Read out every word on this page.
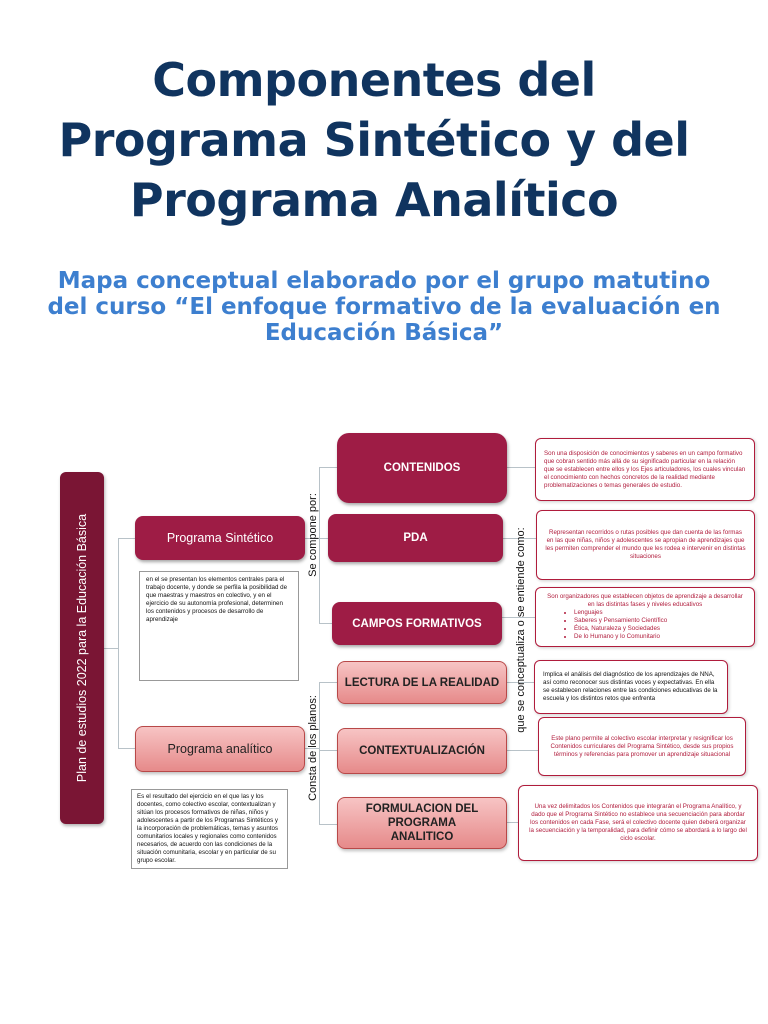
Componentes del
Programa Sintético y del
Programa Analítico
Mapa conceptual elaborado por el grupo matutino
del curso “El enfoque formativo de la evaluación en
Educación Básica”
Plan de estudios 2022 para la Educación Básica	Programa Sintético
en el se presentan los elementos centrales para el trabajo docente, y donde se perfila la posibilidad de que maestras y maestros en colectivo, y en el ejercicio de su autonomía profesional, determinen los contenidos y procesos de desarrollo de aprendizaje
Programa analítico
Es el resultado del ejercicio en el que las y los docentes, como colectivo escolar, contextualizan y sitúan los procesos formativos de niñas, niños y adolescentes a partir de los Programas Sintéticos y la incorporación de problemáticas, temas y asuntos comunitarios locales y regionales como contenidos necesarios, de acuerdo con las condiciones de la situación comunitaria, escolar y en particular de su grupo escolar.
Se compone por:
Consta de los planos:
que se conceptualiza o se entiende como:
CONTENIDOS
PDA
CAMPOS FORMATIVOS
LECTURA DE LA REALIDAD
CONTEXTUALIZACIÓN
FORMULACION DEL PROGRAMA
ANALITICO
Son una disposición de conocimientos y saberes en un campo formativo que cobran sentido más allá de su significado particular en la relación que se establecen entre ellos y los Ejes articuladores, los cuales vinculan el conocimiento con hechos concretos de la realidad mediante problematizaciones o temas generales de estudio.
Representan recorridos o rutas posibles que dan cuenta de las formas en las que niñas, niños y adolescentes se apropian de aprendizajes que les permiten comprender el mundo que les rodea e intervenir en distintas situaciones
Son organizadores que establecen objetos de aprendizaje a desarrollar en las distintas fases y niveles educativos
• Lenguajes
• Saberes y Pensamiento Científico
• Ética, Naturaleza y Sociedades
• De lo Humano y lo Comunitario
Implica el análisis del diagnóstico de los aprendizajes de NNA, así como reconocer sus distintas voces y expectativas. En ella se establecen relaciones entre las condiciones educativas de la escuela y los distintos retos que enfrenta
Este plano permite al colectivo escolar interpretar y resignificar los Contenidos curriculares del Programa Sintético, desde sus propios términos y referencias para promover un aprendizaje situacional
Una vez delimitados los Contenidos que integrarán el Programa Analítico, y dado que el Programa Sintético no establece una secuenciación para abordar los contenidos en cada Fase, será el colectivo docente quien deberá organizar la secuenciación y la temporalidad, para definir cómo se abordará a lo largo del ciclo escolar.
